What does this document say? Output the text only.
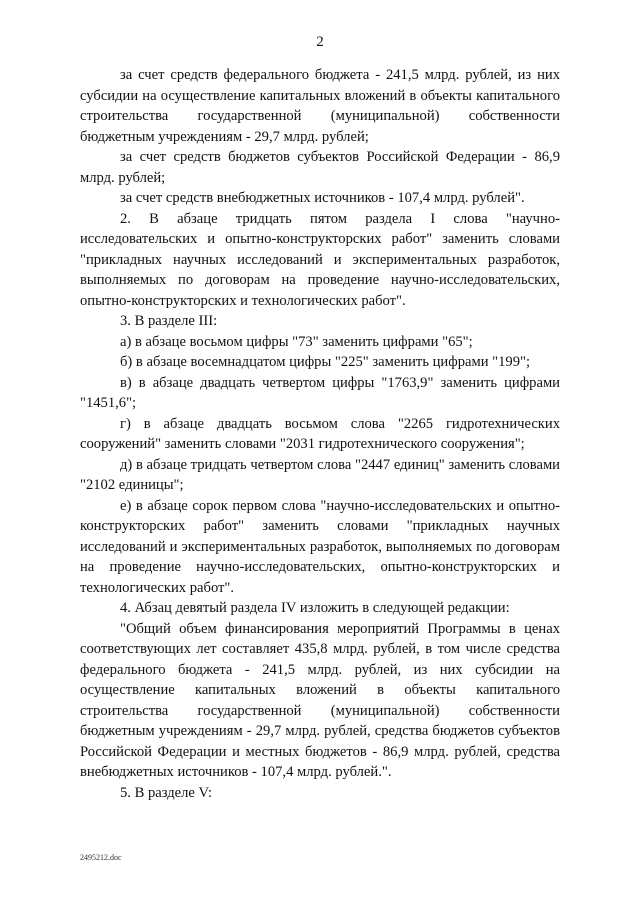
2

за счет средств федерального бюджета - 241,5 млрд. рублей, из них субсидии на осуществление капитальных вложений в объекты капитального строительства государственной (муниципальной) собственности бюджетным учреждениям - 29,7 млрд. рублей;

за счет средств бюджетов субъектов Российской Федерации - 86,9 млрд. рублей;

за счет средств внебюджетных источников - 107,4 млрд. рублей".

2. В абзаце тридцать пятом раздела I слова "научно-исследовательских и опытно-конструкторских работ" заменить словами "прикладных научных исследований и экспериментальных разработок, выполняемых по договорам на проведение научно-исследовательских, опытно-конструкторских и технологических работ".

3. В разделе III:

а) в абзаце восьмом цифры "73" заменить цифрами "65";

б) в абзаце восемнадцатом цифры "225" заменить цифрами "199";

в) в абзаце двадцать четвертом цифры "1763,9" заменить цифрами "1451,6";

г) в абзаце двадцать восьмом слова "2265 гидротехнических сооружений" заменить словами "2031 гидротехнического сооружения";

д) в абзаце тридцать четвертом слова "2447 единиц" заменить словами "2102 единицы";

е) в абзаце сорок первом слова "научно-исследовательских и опытно-конструкторских работ" заменить словами "прикладных научных исследований и экспериментальных разработок, выполняемых по договорам на проведение научно-исследовательских, опытно-конструкторских и технологических работ".

4. Абзац девятый раздела IV изложить в следующей редакции:

"Общий объем финансирования мероприятий Программы в ценах соответствующих лет составляет 435,8 млрд. рублей, в том числе средства федерального бюджета - 241,5 млрд. рублей, из них субсидии на осуществление капитальных вложений в объекты капитального строительства государственной (муниципальной) собственности бюджетным учреждениям - 29,7 млрд. рублей, средства бюджетов субъектов Российской Федерации и местных бюджетов - 86,9 млрд. рублей, средства внебюджетных источников - 107,4 млрд. рублей.".

5. В разделе V:

2495212.doc
